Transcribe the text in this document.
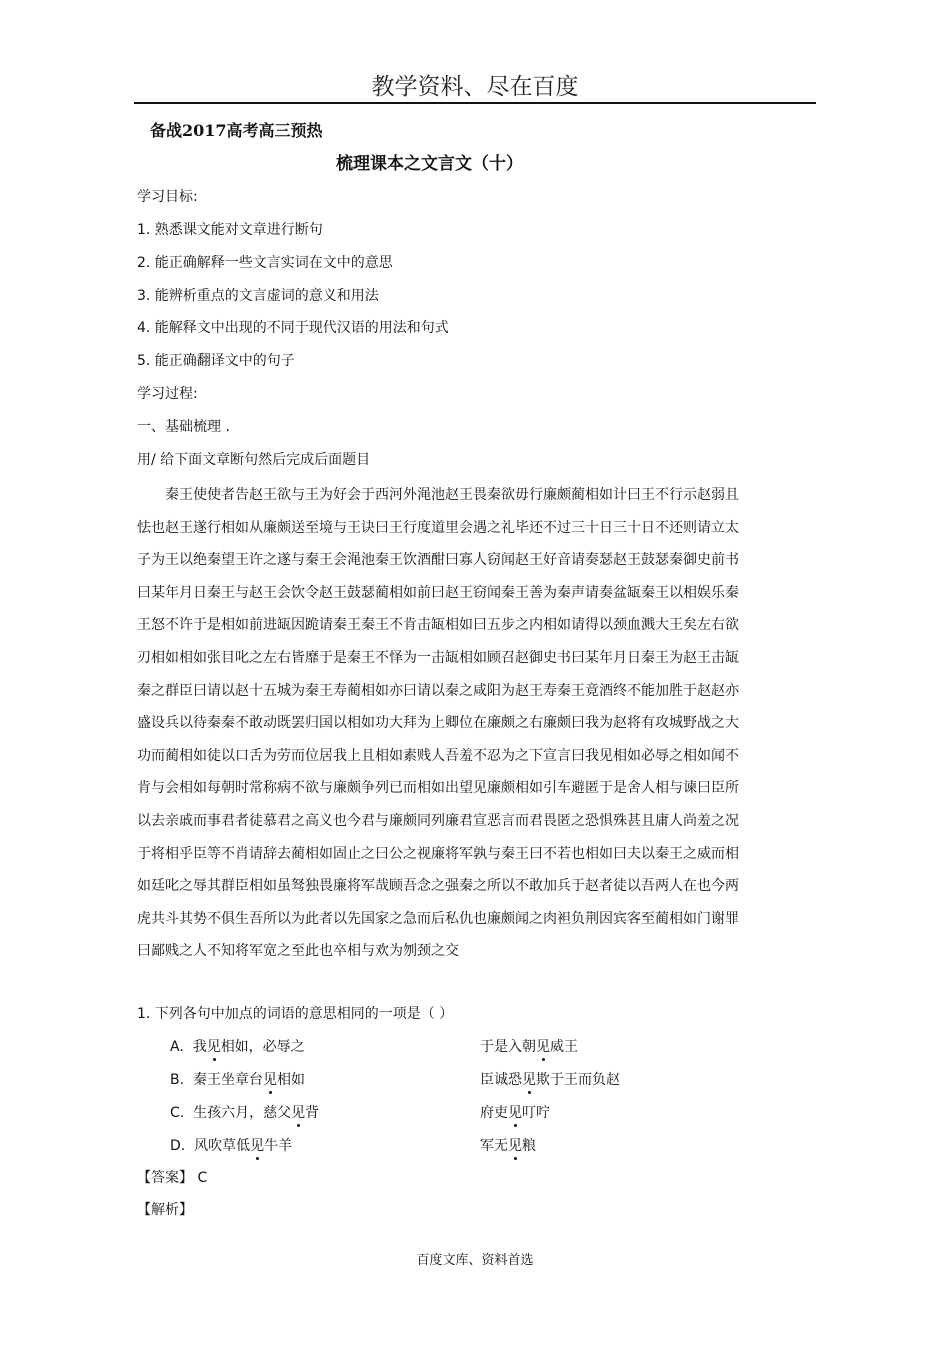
教学资料、尽在百度
备战2017高考高三预热
梳理课本之文言文（十）
学习目标:
1. 熟悉课文能对文章进行断句
2. 能正确解释一些文言实词在文中的意思
3. 能辨析重点的文言虚词的意义和用法
4. 能解释文中出现的不同于现代汉语的用法和句式
5. 能正确翻译文中的句子
学习过程:
一、基础梳理 .
用/ 给下面文章断句然后完成后面题目
秦王使使者告赵王欲与王为好会于西河外渑池赵王畏秦欲毋行廉颇蔺相如计曰王不行示赵弱且怯也赵王遂行相如从廉颇送至境与王诀曰王行度道里会遇之礼毕还不过三十日三十日不还则请立太子为王以绝秦望王许之遂与秦王会渑池秦王饮酒酣曰寡人窃闻赵王好音请奏瑟赵王鼓瑟秦御史前书曰某年月日秦王与赵王会饮令赵王鼓瑟蔺相如前曰赵王窃闻秦王善为秦声请奏盆缻秦王以相娱乐秦王怒不许于是相如前进缻因跪请秦王秦王不肯击缻相如曰五步之内相如请得以颈血溅大王矣左右欲刃相如相如张目叱之左右皆靡于是秦王不怿为一击缻相如顾召赵御史书曰某年月日秦王为赵王击缻秦之群臣曰请以赵十五城为秦王寿蔺相如亦曰请以秦之咸阳为赵王寿秦王竟酒终不能加胜于赵赵亦盛设兵以待秦秦不敢动既罢归国以相如功大拜为上卿位在廉颇之右廉颇曰我为赵将有攻城野战之大功而蔺相如徒以口舌为劳而位居我上且相如素贱人吾羞不忍为之下宣言曰我见相如必辱之相如闻不肯与会相如每朝时常称病不欲与廉颇争列已而相如出望见廉颇相如引车避匿于是舍人相与谏曰臣所以去亲戚而事君者徒慕君之高义也今君与廉颇同列廉君宣恶言而君畏匿之恐惧殊甚且庸人尚羞之况于将相乎臣等不肖请辞去蔺相如固止之曰公之视廉将军孰与秦王曰不若也相如曰夫以秦王之威而相如廷叱之辱其群臣相如虽驽独畏廉将军哉顾吾念之强秦之所以不敢加兵于赵者徒以吾两人在也今两虎共斗其势不俱生吾所以为此者以先国家之急而后私仇也廉颇闻之肉袒负荆因宾客至蔺相如门谢罪曰鄙贱之人不知将军宽之至此也卒相与欢为刎颈之交
1. 下列各句中加点的词语的意思相同的一项是（ ）
A. 我见相如，必辱之	于是入朝见威王
B. 秦王坐章台见相如	臣诚恐见欺于王而负赵
C. 生孩六月，慈父见背	府吏见叮咛
D. 风吹草低见牛羊	军无见粮
【答案】 C
【解析】
百度文库、资料首选
